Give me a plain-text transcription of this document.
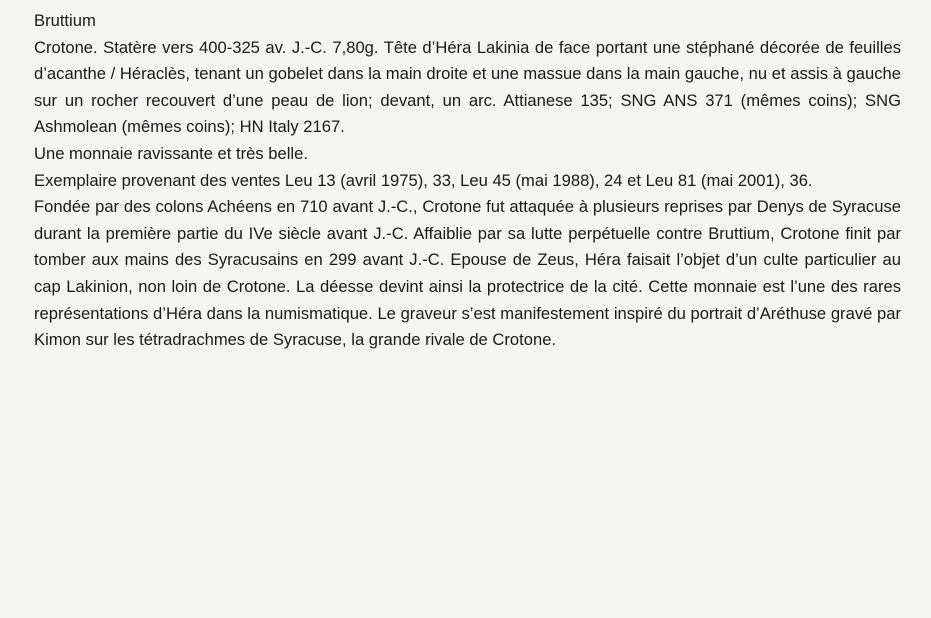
Bruttium

Crotone. Statère vers 400-325 av. J.-C. 7,80g. Tête d’Héra Lakinia de face portant une stéphané décorée de feuilles d’acanthe / Héraclès, tenant un gobelet dans la main droite et une massue dans la main gauche, nu et assis à gauche sur un rocher recouvert d’une peau de lion; devant, un arc. Attianese 135; SNG ANS 371 (mêmes coins); SNG Ashmolean (mêmes coins); HN Italy 2167.

Une monnaie ravissante et très belle.

Exemplaire provenant des ventes Leu 13 (avril 1975), 33, Leu 45 (mai 1988), 24 et Leu 81 (mai 2001), 36.

Fondée par des colons Achéens en 710 avant J.-C., Crotone fut attaquée à plusieurs reprises par Denys de Syracuse durant la première partie du IVe siècle avant J.-C. Affaiblie par sa lutte perpétuelle contre Bruttium, Crotone finit par tomber aux mains des Syracusains en 299 avant J.-C. Epouse de Zeus, Héra faisait l’objet d’un culte particulier au cap Lakinion, non loin de Crotone. La déesse devint ainsi la protectrice de la cité. Cette monnaie est l’une des rares représentations d’Héra dans la numismatique. Le graveur s’est manifestement inspiré du portrait d’Aréthuse gravé par Kimon sur les tétradrachmes de Syracuse, la grande rivale de Crotone.
